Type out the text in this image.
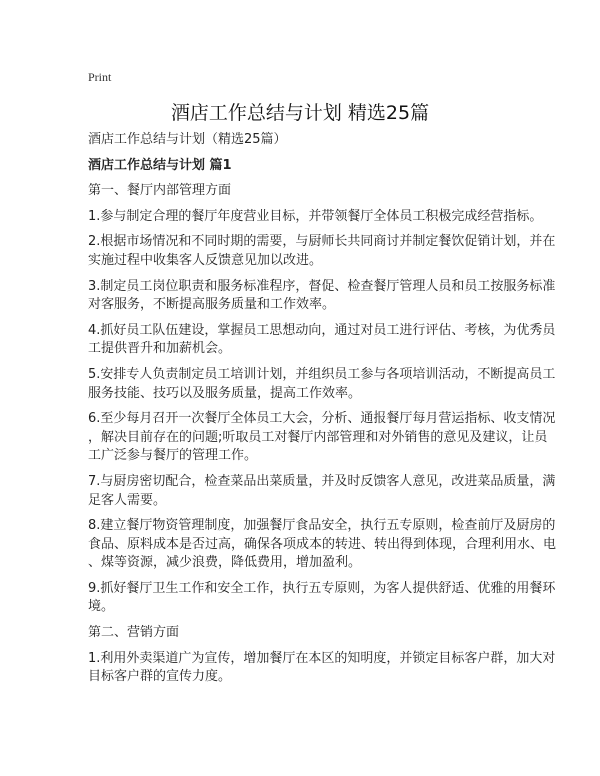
Print
酒店工作总结与计划 精选25篇

酒店工作总结与计划（精选25篇）

酒店工作总结与计划 篇1

第一、餐厅内部管理方面

1.参与制定合理的餐厅年度营业目标，并带领餐厅全体员工积极完成经营指标。

2.根据市场情况和不同时期的需要，与厨师长共同商讨并制定餐饮促销计划，并在
实施过程中收集客人反馈意见加以改进。

3.制定员工岗位职责和服务标准程序，督促、检查餐厅管理人员和员工按服务标准
对客服务，不断提高服务质量和工作效率。

4.抓好员工队伍建设，掌握员工思想动向，通过对员工进行评估、考核，为优秀员
工提供晋升和加薪机会。

5.安排专人负责制定员工培训计划，并组织员工参与各项培训活动，不断提高员工
服务技能、技巧以及服务质量，提高工作效率。

6.至少每月召开一次餐厅全体员工大会，分析、通报餐厅每月营运指标、收支情况
，解决目前存在的问题;听取员工对餐厅内部管理和对外销售的意见及建议，让员
工广泛参与餐厅的管理工作。

7.与厨房密切配合，检查菜品出菜质量，并及时反馈客人意见，改进菜品质量，满
足客人需要。

8.建立餐厅物资管理制度，加强餐厅食品安全，执行五专原则，检查前厅及厨房的
食品、原料成本是否过高，确保各项成本的转进、转出得到体现，合理利用水、电
、煤等资源，减少浪费，降低费用，增加盈利。

9.抓好餐厅卫生工作和安全工作，执行五专原则，为客人提供舒适、优雅的用餐环
境。

第二、营销方面

1.利用外卖渠道广为宣传，增加餐厅在本区的知明度，并锁定目标客户群，加大对
目标客户群的宣传力度。
